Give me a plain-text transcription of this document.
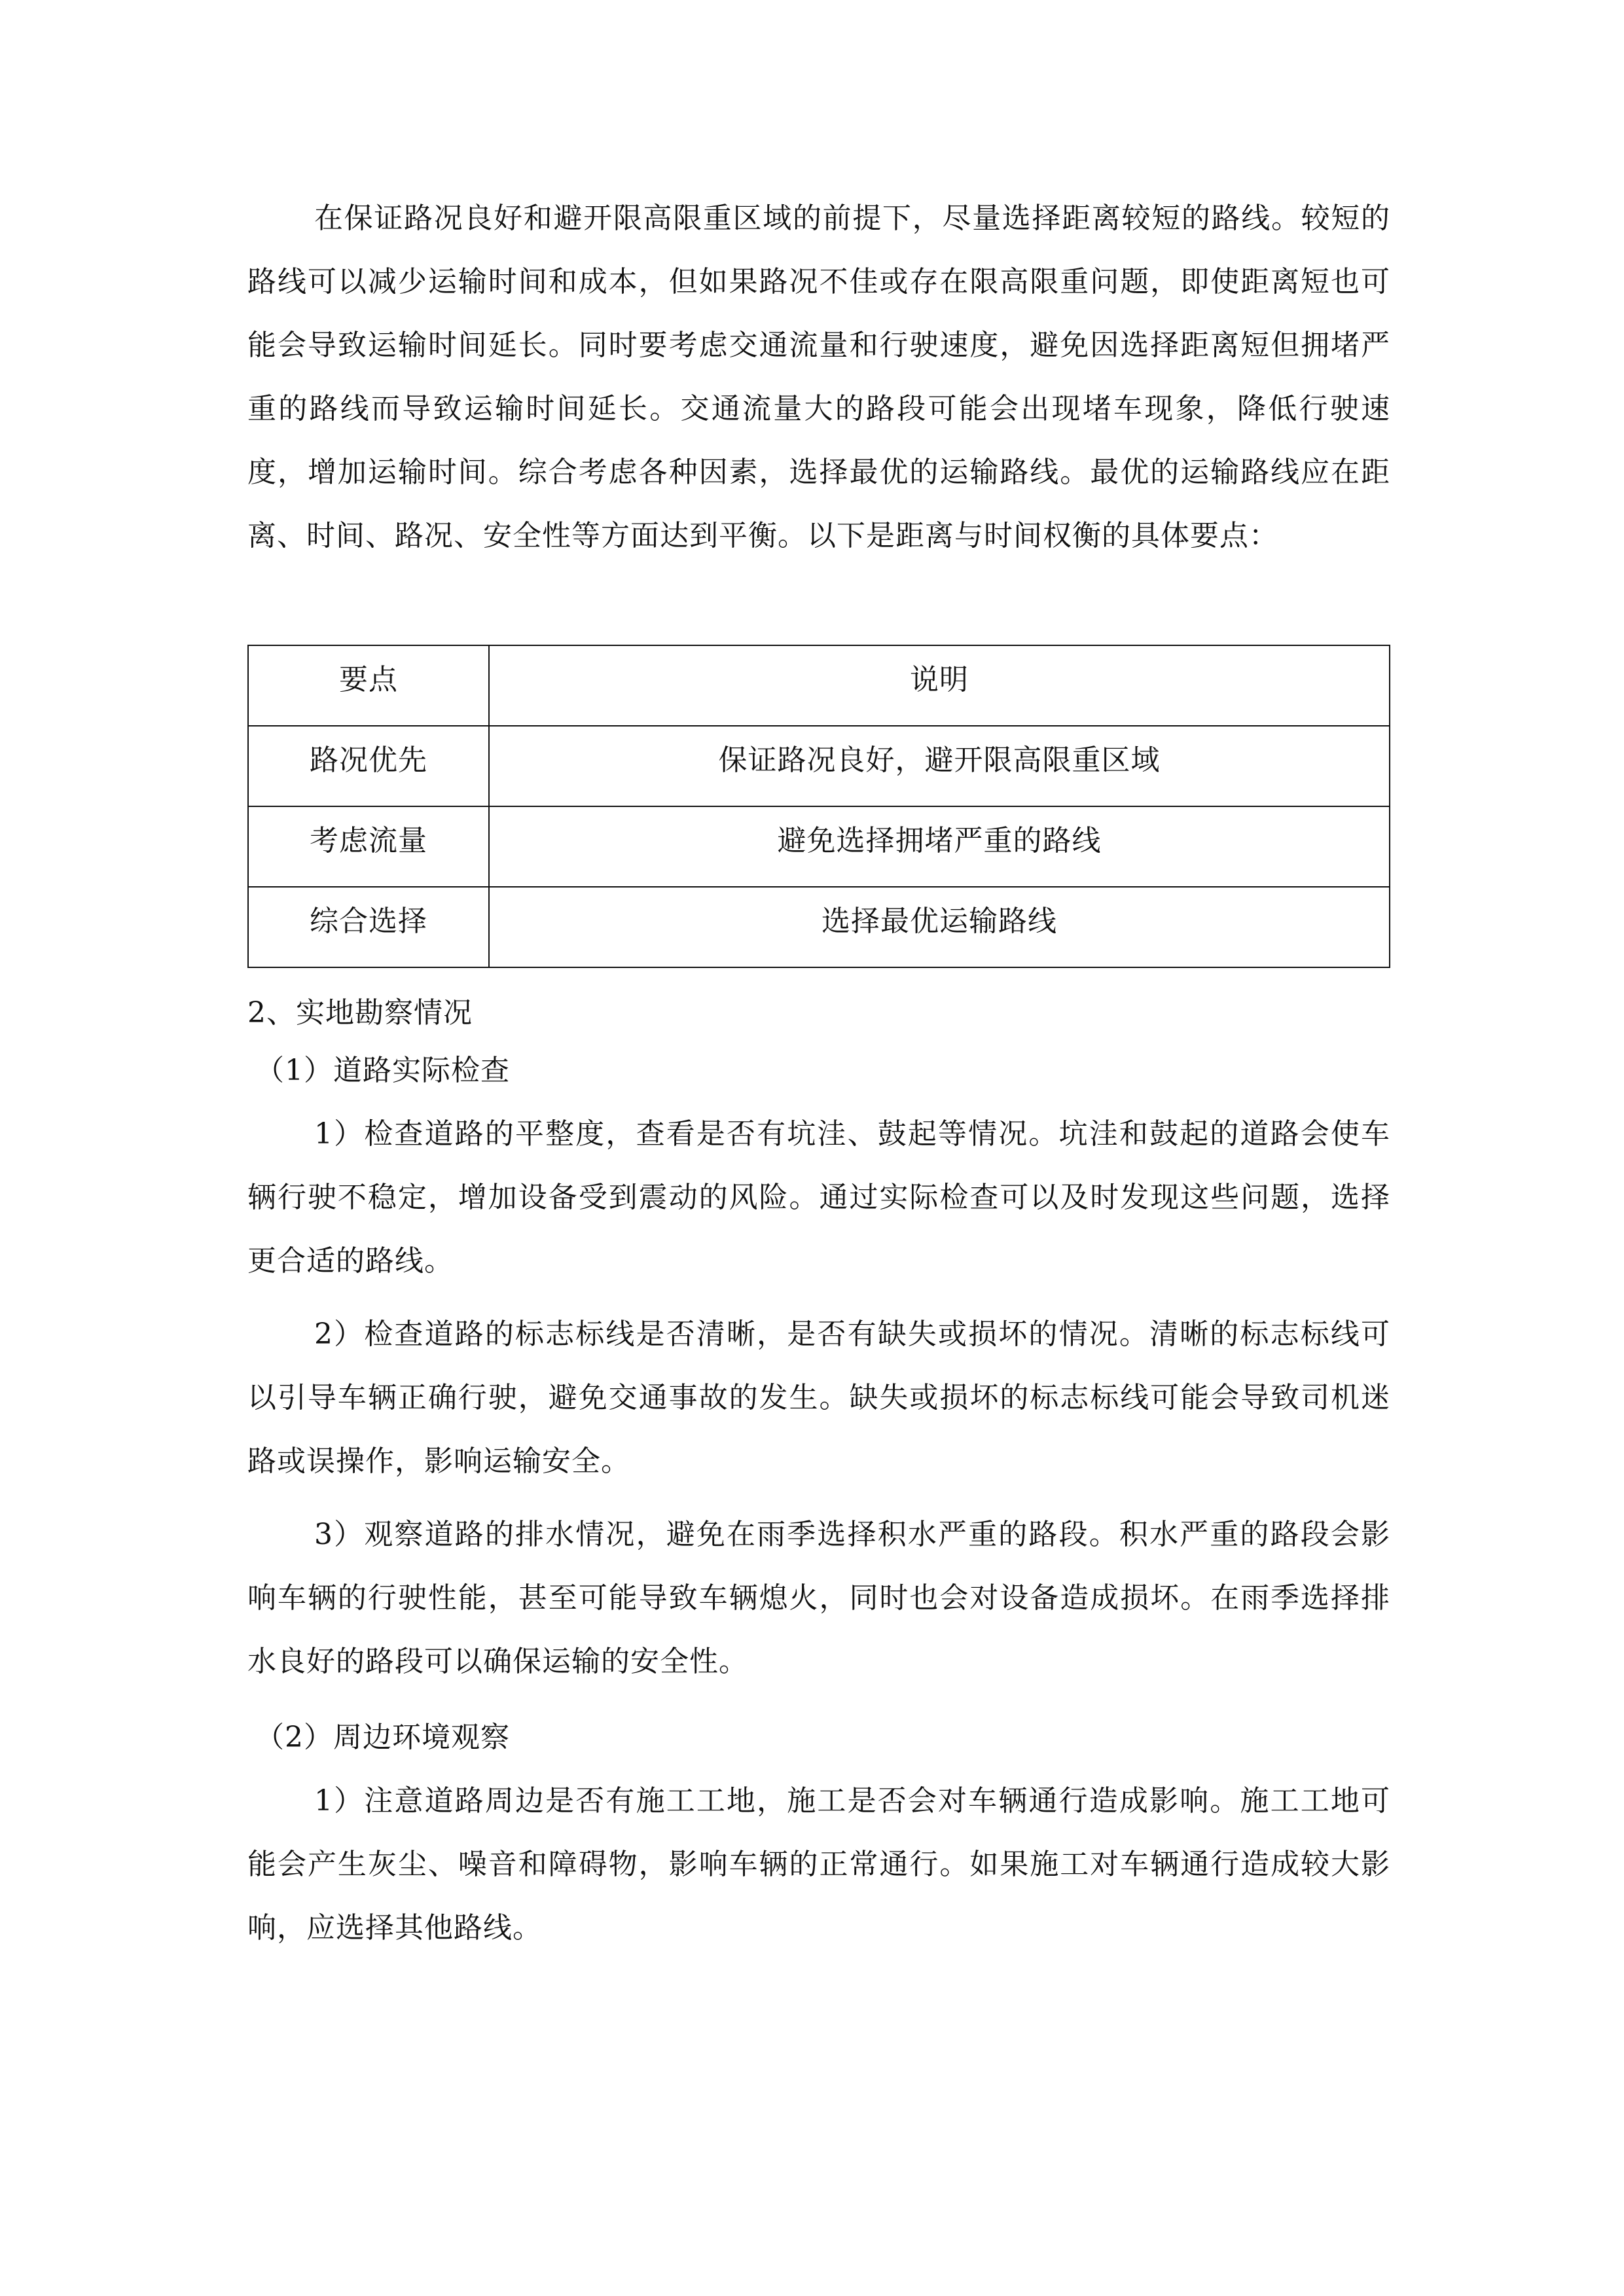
在保证路况良好和避开限高限重区域的前提下，尽量选择距离较短的路线。较短的路线可以减少运输时间和成本，但如果路况不佳或存在限高限重问题，即使距离短也可能会导致运输时间延长。同时要考虑交通流量和行驶速度，避免因选择距离短但拥堵严重的路线而导致运输时间延长。交通流量大的路段可能会出现堵车现象，降低行驶速度，增加运输时间。综合考虑各种因素，选择最优的运输路线。最优的运输路线应在距离、时间、路况、安全性等方面达到平衡。以下是距离与时间权衡的具体要点：

要点	说明
路况优先	保证路况良好，避开限高限重区域
考虑流量	避免选择拥堵严重的路线
综合选择	选择最优运输路线

2、实地勘察情况

（1）道路实际检查

1）检查道路的平整度，查看是否有坑洼、鼓起等情况。坑洼和鼓起的道路会使车辆行驶不稳定，增加设备受到震动的风险。通过实际检查可以及时发现这些问题，选择更合适的路线。

2）检查道路的标志标线是否清晰，是否有缺失或损坏的情况。清晰的标志标线可以引导车辆正确行驶，避免交通事故的发生。缺失或损坏的标志标线可能会导致司机迷路或误操作，影响运输安全。

3）观察道路的排水情况，避免在雨季选择积水严重的路段。积水严重的路段会影响车辆的行驶性能，甚至可能导致车辆熄火，同时也会对设备造成损坏。在雨季选择排水良好的路段可以确保运输的安全性。

（2）周边环境观察

1）注意道路周边是否有施工工地，施工是否会对车辆通行造成影响。施工工地可能会产生灰尘、噪音和障碍物，影响车辆的正常通行。如果施工对车辆通行造成较大影响，应选择其他路线。
